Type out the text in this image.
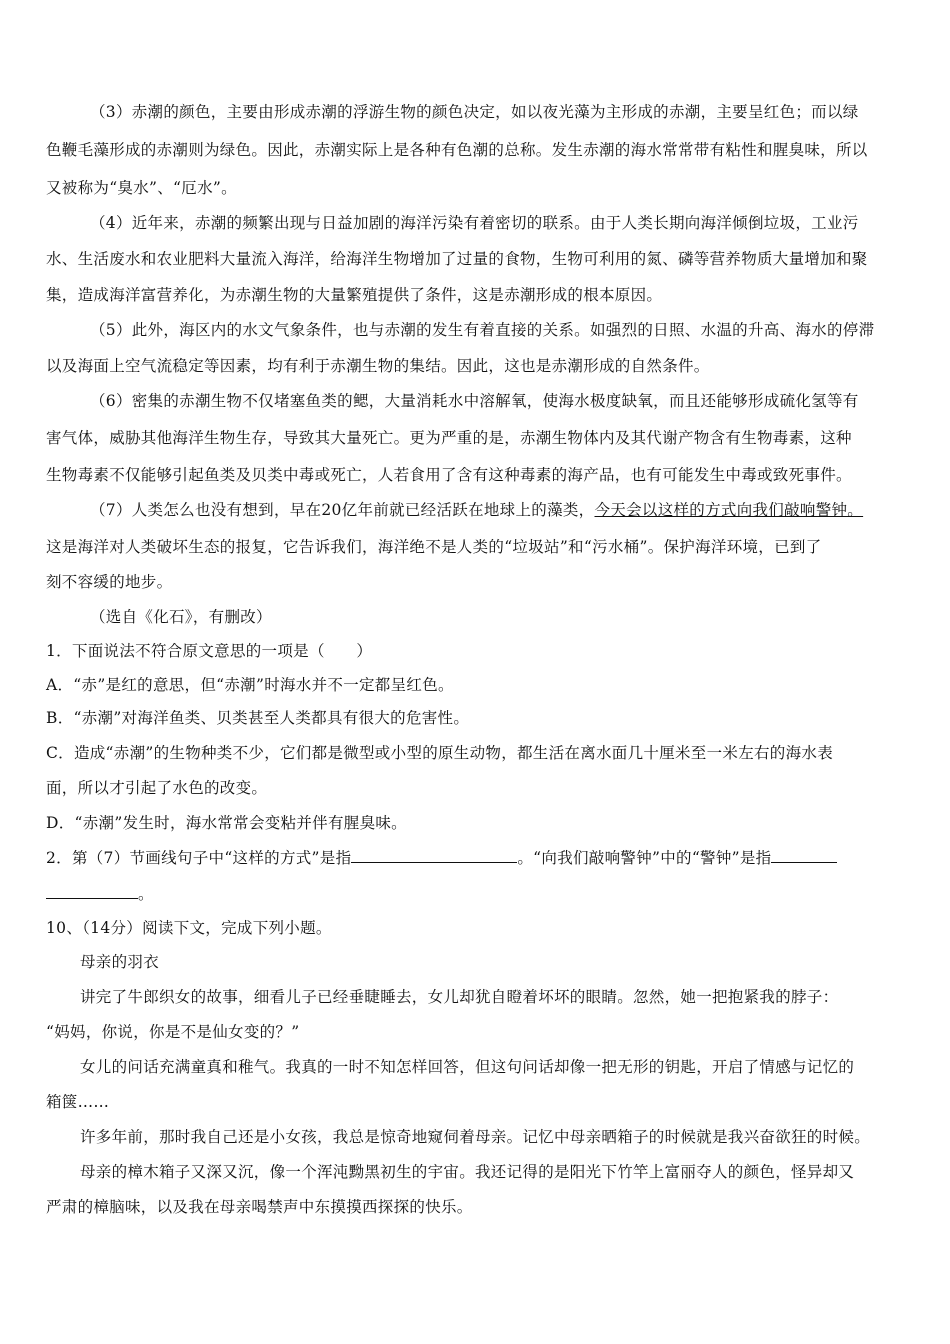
（3）赤潮的颜色，主要由形成赤潮的浮游生物的颜色决定，如以夜光藻为主形成的赤潮，主要呈红色；而以绿
色鞭毛藻形成的赤潮则为绿色。因此，赤潮实际上是各种有色潮的总称。发生赤潮的海水常常带有粘性和腥臭味，所以
又被称为“臭水”、“厄水”。
（4）近年来，赤潮的频繁出现与日益加剧的海洋污染有着密切的联系。由于人类长期向海洋倾倒垃圾，工业污
水、生活废水和农业肥料大量流入海洋，给海洋生物增加了过量的食物，生物可利用的氮、磷等营养物质大量增加和聚
集，造成海洋富营养化，为赤潮生物的大量繁殖提供了条件，这是赤潮形成的根本原因。
（5）此外，海区内的水文气象条件，也与赤潮的发生有着直接的关系。如强烈的日照、水温的升高、海水的停滞
以及海面上空气流稳定等因素，均有利于赤潮生物的集结。因此，这也是赤潮形成的自然条件。
（6）密集的赤潮生物不仅堵塞鱼类的鳃，大量消耗水中溶解氧，使海水极度缺氧，而且还能够形成硫化氢等有
害气体，威胁其他海洋生物生存，导致其大量死亡。更为严重的是，赤潮生物体内及其代谢产物含有生物毒素，这种
生物毒素不仅能够引起鱼类及贝类中毒或死亡，人若食用了含有这种毒素的海产品，也有可能发生中毒或致死事件。
（7）人类怎么也没有想到，早在20亿年前就已经活跃在地球上的藻类，今天会以这样的方式向我们敲响警钟。
这是海洋对人类破坏生态的报复，它告诉我们，海洋绝不是人类的“垃圾站”和“污水桶”。保护海洋环境，已到了
刻不容缓的地步。
（选自《化石》，有删改）
1．下面说法不符合原文意思的一项是（　　）
A．“赤”是红的意思，但“赤潮”时海水并不一定都呈红色。
B．“赤潮”对海洋鱼类、贝类甚至人类都具有很大的危害性。
C．造成“赤潮”的生物种类不少，它们都是微型或小型的原生动物，都生活在离水面几十厘米至一米左右的海水表
面，所以才引起了水色的改变。
D．“赤潮”发生时，海水常常会变粘并伴有腥臭味。
2．第（7）节画线句子中“这样的方式”是指	。“向我们敲响警钟”中的“警钟”是指
。
10、（14分）阅读下文，完成下列小题。
母亲的羽衣
讲完了牛郎织女的故事，细看儿子已经垂睫睡去，女儿却犹自瞪着坏坏的眼睛。忽然，她一把抱紧我的脖子：
“妈妈，你说，你是不是仙女变的？”
女儿的问话充满童真和稚气。我真的一时不知怎样回答，但这句问话却像一把无形的钥匙，开启了情感与记忆的
箱箧……
许多年前，那时我自己还是小女孩，我总是惊奇地窥伺着母亲。记忆中母亲晒箱子的时候就是我兴奋欲狂的时候。
母亲的樟木箱子又深又沉，像一个浑沌黝黑初生的宇宙。我还记得的是阳光下竹竿上富丽夺人的颜色，怪异却又
严肃的樟脑味，以及我在母亲喝禁声中东摸摸西探探的快乐。
